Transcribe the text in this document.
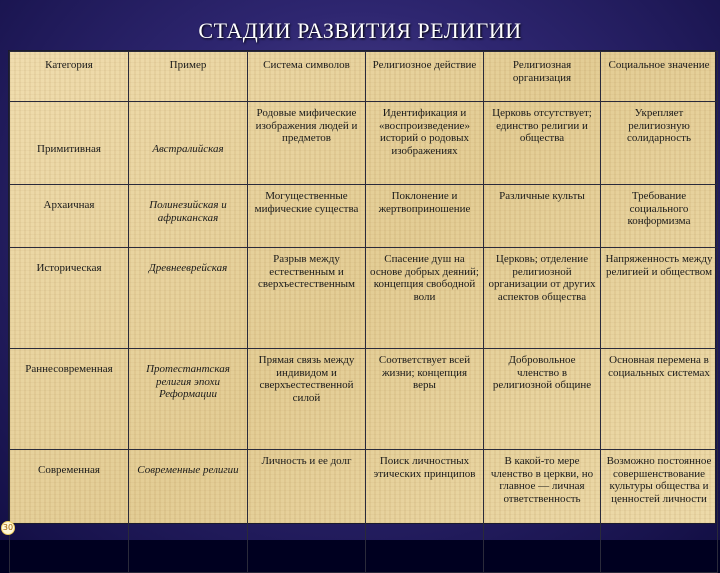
СТАДИИ РАЗВИТИЯ РЕЛИГИИ
Категория	Пример	Система символов	Религиозное действие	Религиозная организация	Социальное значение
Примитивная	Австралийская	Родовые мифические изображения людей и предметов	Идентификация и «воспроизведение» историй о родовых изображениях	Церковь отсутствует; единство религии и общества	Укрепляет религиозную солидарность
Архаичная	Полинезийская и африканская	Могущественные мифические существа	Поклонение и жертвоприношение	Различные культы	Требование социального конформизма
Историческая	Древнееврейская	Разрыв между естественным и сверхъестественным	Спасение душ на основе добрых деяний; концепция свободной воли	Церковь; отделение религиозной организации от других аспектов общества	Напряженность между религией и обществом
Раннесовременная	Протестантская религия эпохи Реформации	Прямая связь между индивидом и сверхъестественной силой	Соответствует всей жизни; концепция веры	Добровольное членство в религиозной общине	Основная перемена в социальных системах
Современная	Современные религии	Личность и ее долг	Поиск личностных этических принципов	В какой-то мере членство в церкви, но главное — личная ответственность	Возможно постоянное совершенствование культуры общества и ценностей личности
30
